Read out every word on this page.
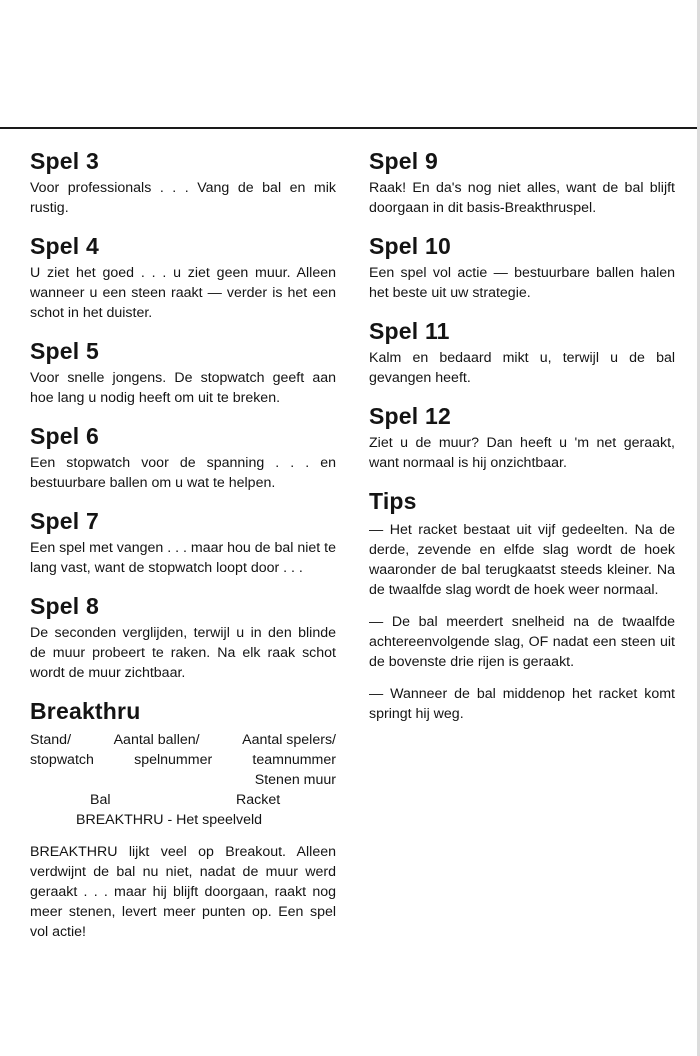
Spel 3

Voor professionals . . . Vang de bal en mik rustig.

Spel 4

U ziet het goed . . . u ziet geen muur. Alleen wanneer u een steen raakt — verder is het een schot in het duister.

Spel 5

Voor snelle jongens. De stopwatch geeft aan hoe lang u nodig heeft om uit te breken.

Spel 6

Een stopwatch voor de spanning . . . en bestuurbare ballen om u wat te helpen.

Spel 7

Een spel met vangen . . . maar hou de bal niet te lang vast, want de stopwatch loopt door . . .

Spel 8

De seconden verglijden, terwijl u in den blinde de muur probeert te raken. Na elk raak schot wordt de muur zichtbaar.

Breakthru
Stand/	Aantal ballen/	Aantal spelers/
stopwatch	spelnummer	teamnummer
Stenen muur
Bal	Racket
BREAKTHRU - Het speelveld

BREAKTHRU lijkt veel op Breakout. Alleen verdwijnt de bal nu niet, nadat de muur werd geraakt . . . maar hij blijft doorgaan, raakt nog meer stenen, levert meer punten op. Een spel vol actie!

Spel 9

Raak! En da's nog niet alles, want de bal blijft doorgaan in dit basis-Breakthruspel.

Spel 10

Een spel vol actie — bestuurbare ballen halen het beste uit uw strategie.

Spel 11

Kalm en bedaard mikt u, terwijl u de bal gevangen heeft.

Spel 12

Ziet u de muur? Dan heeft u 'm net geraakt, want normaal is hij onzichtbaar.

Tips

— Het racket bestaat uit vijf gedeelten. Na de derde, zevende en elfde slag wordt de hoek waaronder de bal terugkaatst steeds kleiner. Na de twaalfde slag wordt de hoek weer normaal.

— De bal meerdert snelheid na de twaalfde achtereenvolgende slag, OF nadat een steen uit de bovenste drie rijen is geraakt.

— Wanneer de bal middenop het racket komt springt hij weg.
